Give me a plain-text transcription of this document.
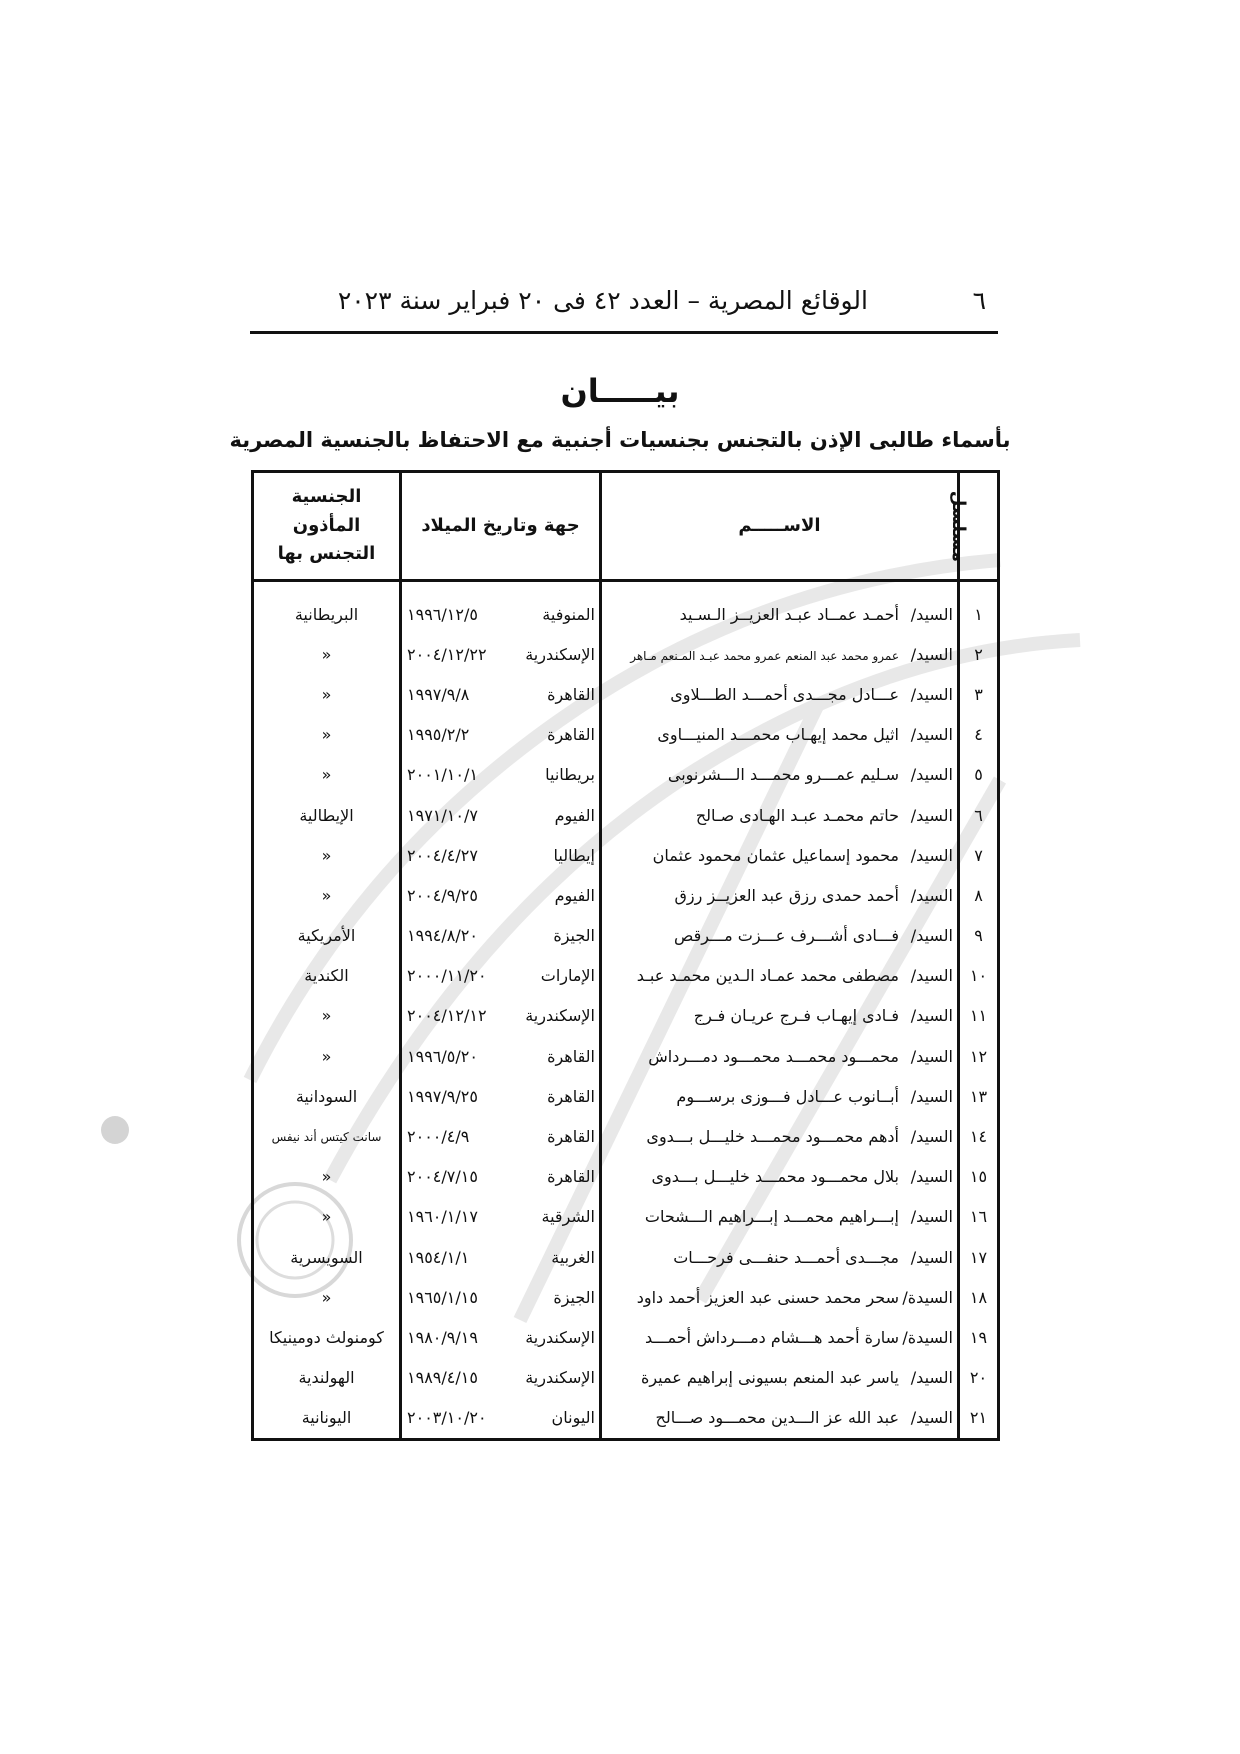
٦
الوقائع المصرية – العدد ٤٢ فى ٢٠ فبراير سنة ٢٠٢٣
بيـــــان
بأسماء طالبى الإذن بالتجنس بجنسيات أجنبية مع الاحتفاظ بالجنسية المصرية
مسلسل	الاســـــم	جهة وتاريخ الميلاد	الجنسية المأذون التجنس بها
١	السيد/أحمـد عمــاد عبـد العزيــز الـسـيد	المنوفية١٩٩٦/١٢/٥	البريطانية
٢	السيد/عمرو محمد عبد المنعم عمرو محمد عبـد المـنعم مـاهر	الإسكندرية٢٠٠٤/١٢/٢٢	«
٣	السيد/عـــادل مجـــدى أحمـــد الطـــلاوى	القاهرة١٩٩٧/٩/٨	«
٤	السيد/اثيل محمد إيهـاب محمـــد المنيـــاوى	القاهرة١٩٩٥/٢/٢	«
٥	السيد/سـليم عمـــرو محمـــد الـــشرنوبى	بريطانيا٢٠٠١/١٠/١	«
٦	السيد/حاتم محمـد عبـد الهـادى صـالح	الفيوم١٩٧١/١٠/٧	الإيطالية
٧	السيد/محمود إسماعيل عثمان محمود عثمان	إيطاليا٢٠٠٤/٤/٢٧	«
٨	السيد/أحمد حمدى رزق عبد العزيــز رزق	الفيوم٢٠٠٤/٩/٢٥	«
٩	السيد/فـــادى أشـــرف عـــزت مـــرقص	الجيزة١٩٩٤/٨/٢٠	الأمريكية
١٠	السيد/مصطفى محمد عمـاد الـدين محمـد عبـد	الإمارات٢٠٠٠/١١/٢٠	الكندية
١١	السيد/فـادى إيهـاب فـرج عريـان فـرج	الإسكندرية٢٠٠٤/١٢/١٢	«
١٢	السيد/محمـــود محمـــد محمـــود دمـــرداش	القاهرة١٩٩٦/٥/٢٠	«
١٣	السيد/أبــانوب عـــادل فـــوزى برســـوم	القاهرة١٩٩٧/٩/٢٥	السودانية
١٤	السيد/أدهم محمـــود محمـــد خليـــل بـــدوى	القاهرة٢٠٠٠/٤/٩	سانت كيتس أند نيفس
١٥	السيد/بلال محمـــود محمـــد خليـــل بـــدوى	القاهرة٢٠٠٤/٧/١٥	«
١٦	السيد/إبـــراهيم محمـــد إبـــراهيم الـــشحات	الشرقية١٩٦٠/١/١٧	«
١٧	السيد/مجـــدى أحمـــد حنفـــى فرحـــات	الغربية١٩٥٤/١/١	السويسرية
١٨	السيدة/سحر محمد حسنى عبد العزيز أحمد داود	الجيزة١٩٦٥/١/١٥	«
١٩	السيدة/سارة أحمد هـــشام دمـــرداش أحمـــد	الإسكندرية١٩٨٠/٩/١٩	كومنولث دومينيكا
٢٠	السيد/ياسر عبد المنعم بسيونى إبراهيم عميرة	الإسكندرية١٩٨٩/٤/١٥	الهولندية
٢١	السيد/عبد الله عز الـــدين محمـــود صـــالح	اليونان٢٠٠٣/١٠/٢٠	اليونانية
